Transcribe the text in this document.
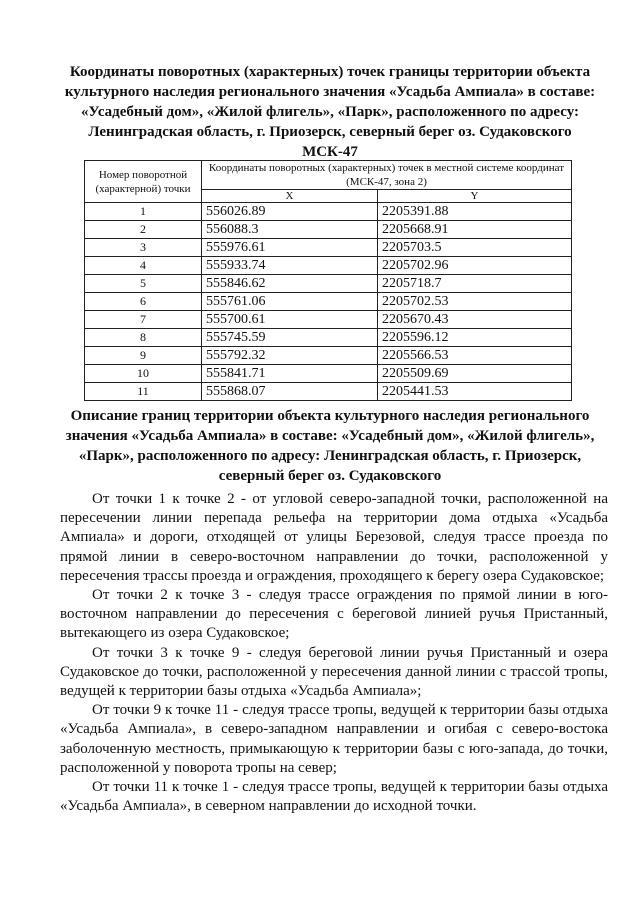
Координаты поворотных (характерных) точек границы территории объекта
культурного наследия регионального значения «Усадьба Ампиала» в составе:
«Усадебный дом», «Жилой флигель», «Парк», расположенного по адресу:
Ленинградская область, г. Приозерск, северный берег оз. Судаковского
МСК-47
Номер поворотной (характерной) точки	Координаты поворотных (характерных) точек в местной системе координат (МСК-47, зона 2)	
	X	Y
1	556026.89	2205391.88
2	556088.3	2205668.91
3	555976.61	2205703.5
4	555933.74	2205702.96
5	555846.62	2205718.7
6	555761.06	2205702.53
7	555700.61	2205670.43
8	555745.59	2205596.12
9	555792.32	2205566.53
10	555841.71	2205509.69
11	555868.07	2205441.53
Описание границ территории объекта культурного наследия регионального
значения «Усадьба Ампиала» в составе: «Усадебный дом», «Жилой флигель»,
«Парк», расположенного по адресу: Ленинградская область, г. Приозерск,
северный берег оз. Судаковского

От точки 1 к точке 2 - от угловой северо-западной точки, расположенной на пересечении линии перепада рельефа на территории дома отдыха «Усадьба Ампиала» и дороги, отходящей от улицы Березовой, следуя трассе проезда по прямой линии в северо-восточном направлении до точки, расположенной у пересечения трассы проезда и ограждения, проходящего к берегу озера Судаковское;

От точки 2 к точке 3 - следуя трассе ограждения по прямой линии в юго-восточном направлении до пересечения с береговой линией ручья Пристанный, вытекающего из озера Судаковское;

От точки 3 к точке 9 - следуя береговой линии ручья Пристанный и озера Судаковское до точки, расположенной у пересечения данной линии с трассой тропы, ведущей к территории базы отдыха «Усадьба Ампиала»;

От точки 9 к точке 11 - следуя трассе тропы, ведущей к территории базы отдыха «Усадьба Ампиала», в северо-западном направлении и огибая с северо-востока заболоченную местность, примыкающую к территории базы с юго-запада, до точки, расположенной у поворота тропы на север;

От точки 11 к точке 1 - следуя трассе тропы, ведущей к территории базы отдыха «Усадьба Ампиала», в северном направлении до исходной точки.
